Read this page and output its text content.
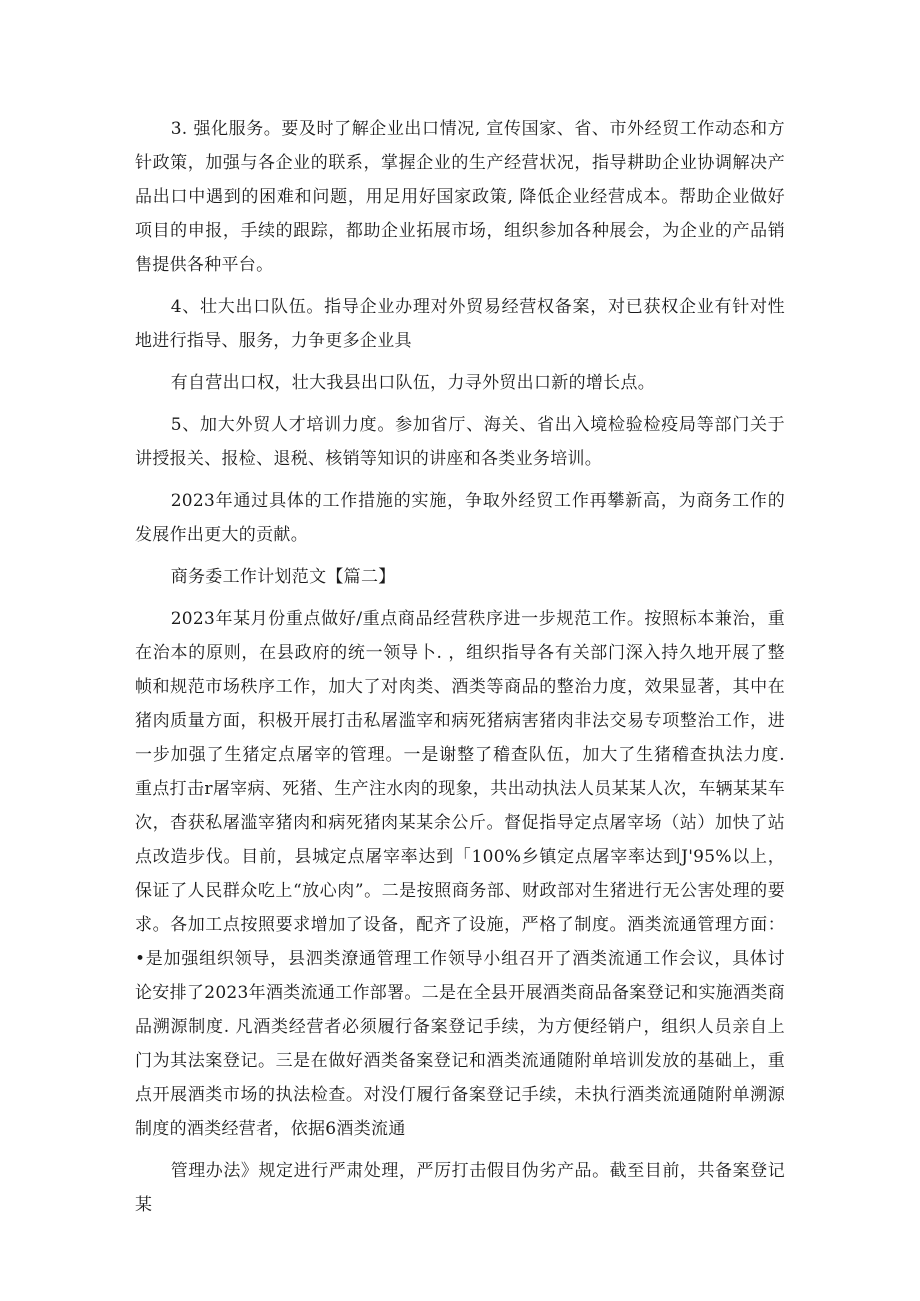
3. 强化服务。要及时了解企业出口情况, 宣传国家、省、市外经贸工作动态和方针政策，加强与各企业的联系，掌握企业的生产经营状况，指导耕助企业协调解决产品出口中遇到的困难和问题，用足用好国家政策, 降低企业经营成本。帮助企业做好项目的申报，手续的跟踪，都助企业拓展市场，组织参加各种展会，为企业的产品销售提供各种平台。

4、壮大出口队伍。指导企业办理对外贸易经营权备案，对已获权企业有针对性地进行指导、服务，力争更多企业具

有自营出口权，壮大我县出口队伍，力寻外贸出口新的增长点。

5、加大外贸人才培训力度。参加省厅、海关、省出入境检验检疫局等部门关于讲授报关、报检、退税、核销等知识的讲座和各类业务培训。

2023年通过具体的工作措施的实施，争取外经贸工作再攀新高，为商务工作的发展作出更大的贡献。

商务委工作计划范文【篇二】

2023年某月份重点做好/重点商品经营秩序进一步规范工作。按照标本兼治，重在治本的原则，在县政府的统一领导卜. ，组织指导各有关部门深入持久地开展了整帧和规范市场秩序工作，加大了对肉类、酒类等商品的整治力度，效果显著，其中在猪肉质量方面，积极开展打击私屠滥宰和病死猪病害猪肉非法交易专项整治工作，进一步加强了生猪定点屠宰的管理。一是谢整了稽查队伍，加大了生猪稽查执法力度. 重点打击r屠宰病、死猪、生产注水肉的现象，共出动执法人员某某人次，车辆某某车次，杳获私屠滥宰猪肉和病死猪肉某某余公斤。督促指导定点屠宰场（站）加快了站点改造步伐。目前，县城定点屠宰率达到「100%乡镇定点屠宰率达到J'95%以上，保证了人民群众吃上“放心肉”。二是按照商务部、财政部对生猪进行无公害处理的要求。各加工点按照要求增加了设备，配齐了设施，严格了制度。酒类流通管理方面：•是加强组织领导，县泗类潦通管理工作领导小组召开了酒类流通工作会议，具体讨论安排了2023年酒类流通工作部署。二是在全县开展酒类商品备案登记和实施酒类商品溯源制度. 凡酒类经营者必须履行备案登记手续，为方便经销户，组织人员亲自上门为其法案登记。三是在做好酒类备案登记和酒类流通随附单培训发放的基础上，重点开展酒类市场的执法检查。对没仃履行备案登记手续，未执行酒类流通随附单溯源制度的酒类经营者，依据6酒类流通

管理办法》规定进行严肃处理，严厉打击假目伪劣产品。截至目前，共备案登记某
